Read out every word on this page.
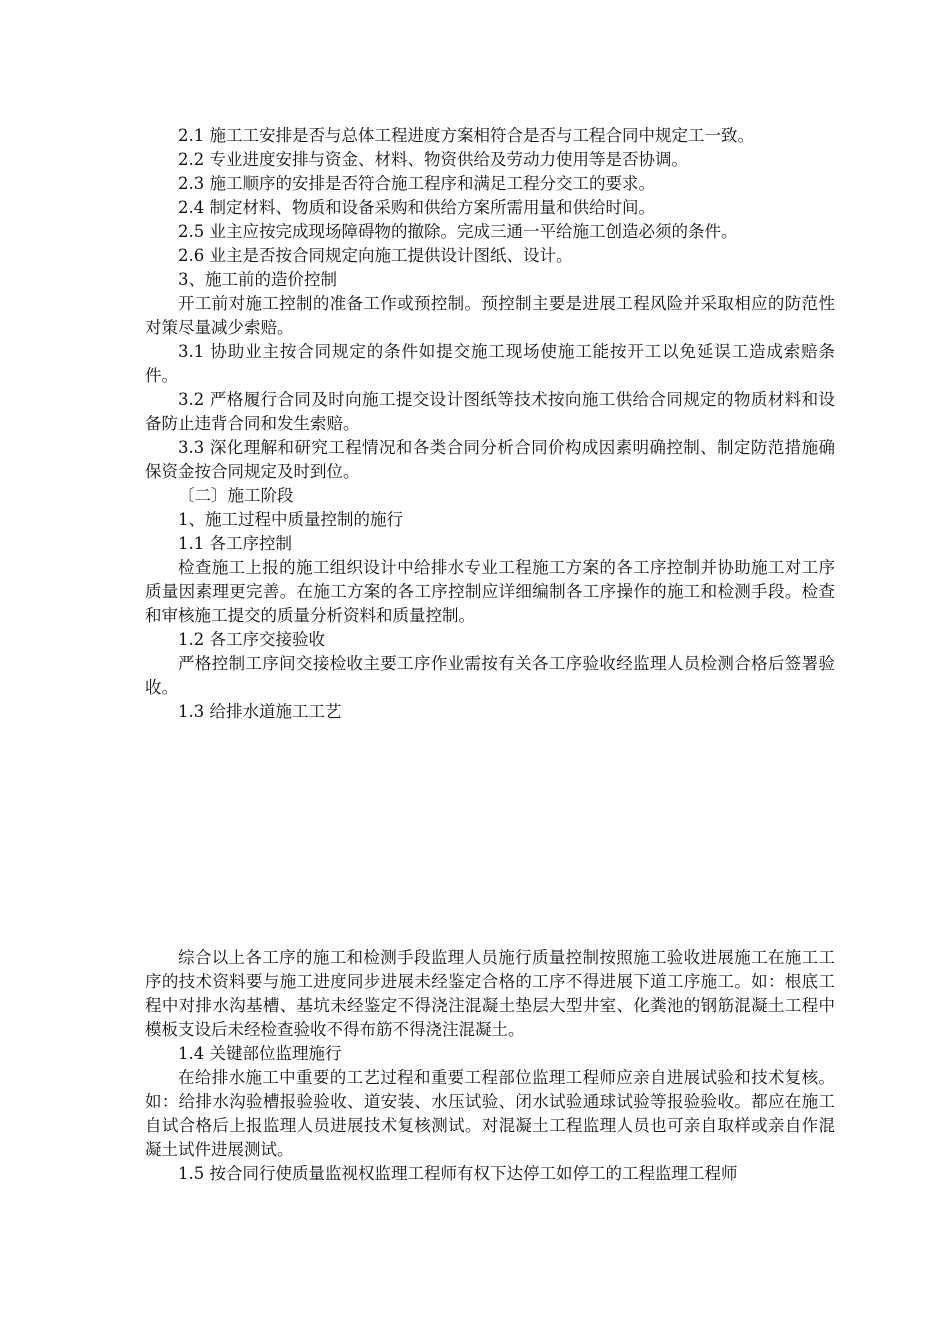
2.1 施工工安排是否与总体工程进度方案相符合是否与工程合同中规定工一致。

2.2 专业进度安排与资金、材料、物资供给及劳动力使用等是否协调。

2.3 施工顺序的安排是否符合施工程序和满足工程分交工的要求。

2.4 制定材料、物质和设备采购和供给方案所需用量和供给时间。

2.5 业主应按完成现场障碍物的撤除。完成三通一平给施工创造必须的条件。

2.6 业主是否按合同规定向施工提供设计图纸、设计。

3、施工前的造价控制

开工前对施工控制的准备工作或预控制。预控制主要是进展工程风险并采取相应的防范性对策尽量减少索赔。

3.1 协助业主按合同规定的条件如提交施工现场使施工能按开工以免延误工造成索赔条件。

3.2 严格履行合同及时向施工提交设计图纸等技术按向施工供给合同规定的物质材料和设备防止违背合同和发生索赔。

3.3 深化理解和研究工程情况和各类合同分析合同价构成因素明确控制、制定防范措施确保资金按合同规定及时到位。

〔二〕施工阶段

1、施工过程中质量控制的施行

1.1 各工序控制

检查施工上报的施工组织设计中给排水专业工程施工方案的各工序控制并协助施工对工序质量因素理更完善。在施工方案的各工序控制应详细编制各工序操作的施工和检测手段。检查和审核施工提交的质量分析资料和质量控制。

1.2 各工序交接验收

严格控制工序间交接检收主要工序作业需按有关各工序验收经监理人员检测合格后签署验收。

1.3 给排水道施工工艺

综合以上各工序的施工和检测手段监理人员施行质量控制按照施工验收进展施工在施工工序的技术资料要与施工进度同步进展未经鉴定合格的工序不得进展下道工序施工。如：根底工程中对排水沟基槽、基坑未经鉴定不得浇注混凝土垫层大型井室、化粪池的钢筋混凝土工程中模板支设后未经检查验收不得布筋不得浇注混凝土。

1.4 关键部位监理施行

在给排水施工中重要的工艺过程和重要工程部位监理工程师应亲自进展试验和技术复核。如：给排水沟验槽报验验收、道安装、水压试验、闭水试验通球试验等报验验收。都应在施工自试合格后上报监理人员进展技术复核测试。对混凝土工程监理人员也可亲自取样或亲自作混凝土试件进展测试。

1.5 按合同行使质量监视权监理工程师有权下达停工如停工的工程监理工程师
